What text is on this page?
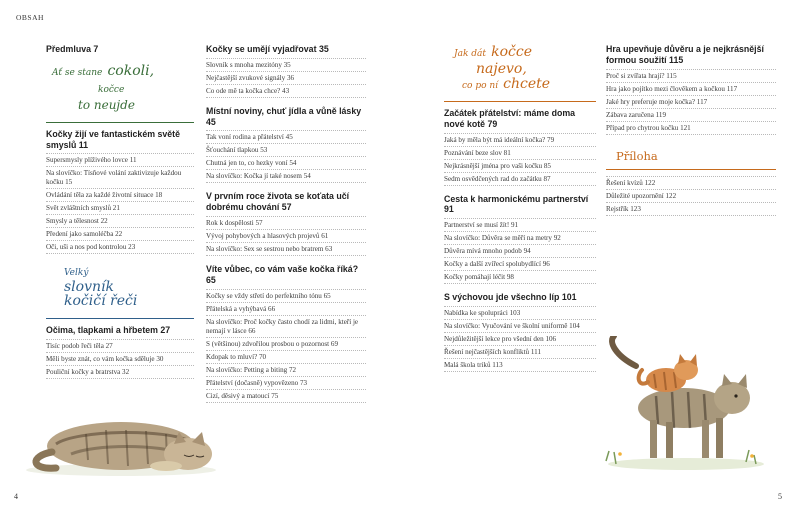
OBSAH
Předmluva 7
Ať se stane cokoli,
kočce
to neujde
Kočky žijí ve fantastickém světě smyslů 11
Supersmysly plíživého lovce 11
Na slovíčko: Tísňové volání zaktivizuje každou kočku 15
Ovládání těla za každé životní situace 18
Svět zvláštních smyslů 21
Smysly a tělesnost 22
Předení jako samoléčba 22
Oči, uši a nos pod kontrolou 23
Velký
slovník
kočičí řeči
Očima, tlapkami a hřbetem 27
Tisíc podob řeči těla 27
Měli byste znát, co vám kočka sděluje 30
Pouliční kočky a bratrstva 32
Kočky se umějí vyjadřovat 35
Slovník s mnoha mezitóny 35
Nejčastější zvukové signály 36
Co ode mě ta kočka chce? 43
Místní noviny, chuť jídla a vůně lásky 45
Tak voní rodina a přátelství 45
Šťouchání tlapkou 53
Chutná jen to, co hezky voní 54
Na slovíčko: Kočka jí také nosem 54
V prvním roce života se koťata učí dobrému chování 57
Rok k dospělosti 57
Vývoj pohybových a hlasových projevů 61
Na slovíčko: Sex se sestrou nebo bratrem 63
Víte vůbec, co vám vaše kočka říká? 65
Kočky se vždy střetí do perfektního tónu 65
Přátelská a vyhýbavá 66
Na slovíčko: Proč kočky často chodí za lidmi, kteří je nemají v lásce 66
S (většinou) zdvořilou prosbou o pozornost 69
Kdopak to mluví? 70
Na slovíčko: Petting a biting 72
Přátelství (dočasně) vypovězeno 73
Cizí, děsivý a matoucí 75
Jak dát kočce
najevo,
co po ní chcete
Začátek přátelství: máme doma nové kotě 79
Jaká by měla být má ideální kočka? 79
Poznávání beze slov 81
Nejkrásnější jména pro vaši kočku 85
Sedm osvědčených rad do začátku 87
Cesta k harmonickému partnerství 91
Partnerství se musí žít! 91
Na slovíčko: Důvěra se měří na metry 92
Důvěra mívá mnoho podob 94
Kočky a další zvířecí spolubydlící 96
Kočky pomáhají léčit 98
S výchovou jde všechno líp 101
Nabídka ke spolupráci 103
Na slovíčko: Vyučování ve školní uniformě 104
Nejdůležitější lekce pro všední den 106
Řešení nejčastějších konfliktů 111
Malá škola triků 113
Hra upevňuje důvěru a je nejkrásnější formou soužití 115
Proč si zvířata hrají? 115
Hra jako pojítko mezi člověkem a kočkou 117
Jaké hry preferuje moje kočka? 117
Zábava zaručena 119
Případ pro chytrou kočku 121
Příloha
Řešení kvízů 122
Důležité upozornění 122
Rejstřík 123
4	5
